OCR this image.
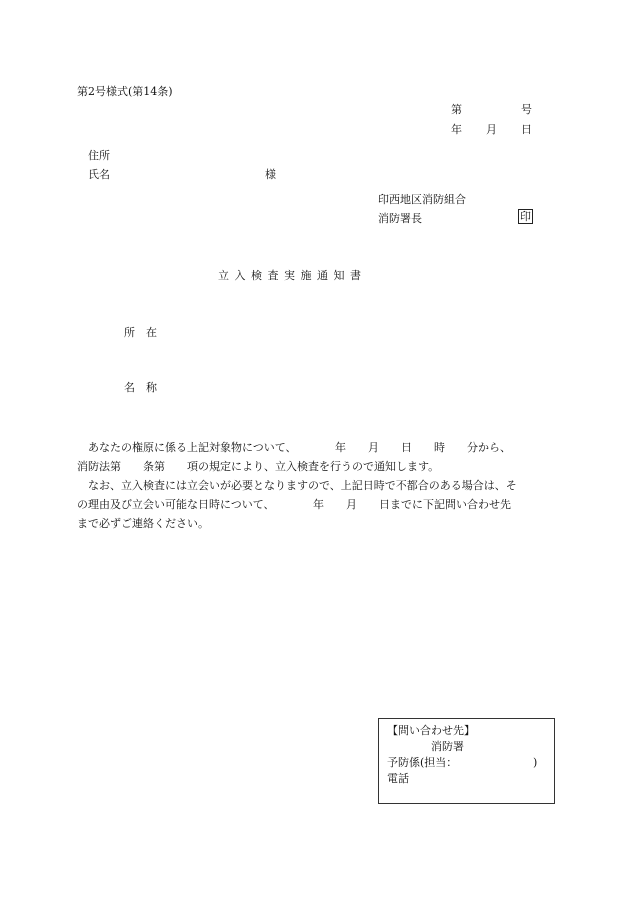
第2号様式(第14条)
第	号
年 月 日
住所
氏名	様
印西地区消防組合
消防署長	印
立 入 検 査 実 施 通 知 書
所　在
名　称
　あなたの権原に係る上記対象物について、　　　　年　　月　　日　　時　　分から、
消防法第　　条第　　項の規定により、立入検査を行うので通知します。
　なお、立入検査には立会いが必要となりますので、上記日時で不都合のある場合は、そ
の理由及び立会い可能な日時について、　　　　年　　月　　日までに下記問い合わせ先
まで必ずご連絡ください。
【問い合わせ先】
消防署
予防係(担当：	)
電話
